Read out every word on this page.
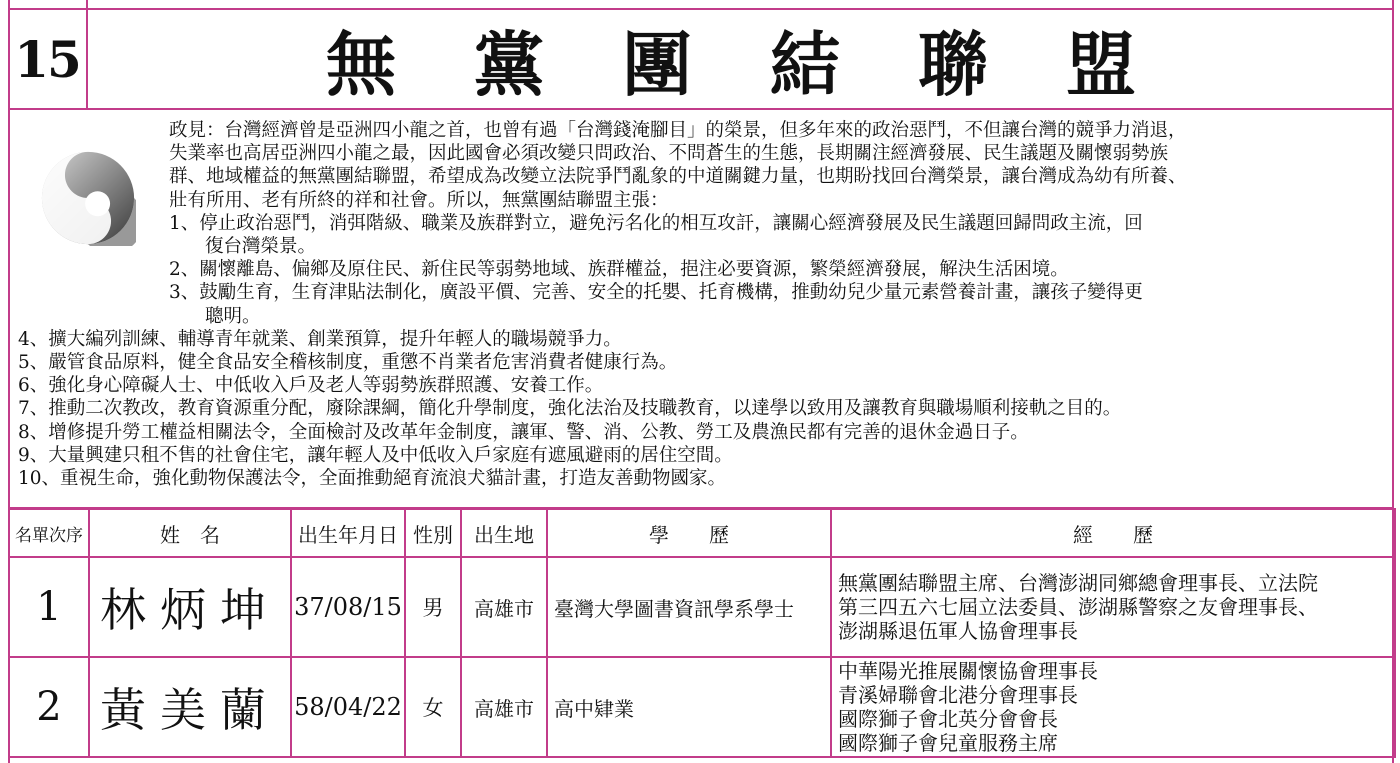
15	無黨團結聯盟

政見：台灣經濟曾是亞洲四小龍之首，也曾有過「台灣錢淹腳目」的榮景，但多年來的政治惡鬥，不但讓台灣的競爭力消退，

失業率也高居亞洲四小龍之最，因此國會必須改變只問政治、不問蒼生的生態，長期關注經濟發展、民生議題及關懷弱勢族

群、地域權益的無黨團結聯盟，希望成為改變立法院爭鬥亂象的中道關鍵力量，也期盼找回台灣榮景，讓台灣成為幼有所養、

壯有所用、老有所終的祥和社會。所以，無黨團結聯盟主張：

1、停止政治惡鬥，消弭階級、職業及族群對立，避免污名化的相互攻訐，讓關心經濟發展及民生議題回歸問政主流，回

復台灣榮景。

2、關懷離島、偏鄉及原住民、新住民等弱勢地域、族群權益，挹注必要資源，繁榮經濟發展，解決生活困境。

3、鼓勵生育，生育津貼法制化，廣設平價、完善、安全的托嬰、托育機構，推動幼兒少量元素營養計畫，讓孩子變得更

聰明。

4、擴大編列訓練、輔導青年就業、創業預算，提升年輕人的職場競爭力。

5、嚴管食品原料，健全食品安全稽核制度，重懲不肖業者危害消費者健康行為。

6、強化身心障礙人士、中低收入戶及老人等弱勢族群照護、安養工作。

7、推動二次教改，教育資源重分配，廢除課綱，簡化升學制度，強化法治及技職教育，以達學以致用及讓教育與職場順利接軌之目的。

8、增修提升勞工權益相關法令，全面檢討及改革年金制度，讓軍、警、消、公教、勞工及農漁民都有完善的退休金過日子。

9、大量興建只租不售的社會住宅，讓年輕人及中低收入戶家庭有遮風避雨的居住空間。

10、重視生命，強化動物保護法令，全面推動絕育流浪犬貓計畫，打造友善動物國家。

名單次序	姓　名	出生年月日	性別	出生地	學　　歷	經　　歷
1	林炳坤	37/08/15	男	高雄市	臺灣大學圖書資訊學系學士	無黨團結聯盟主席、台灣澎湖同鄉總會理事長、立法院
第三四五六七屆立法委員、澎湖縣警察之友會理事長、
澎湖縣退伍軍人協會理事長

2	黃美蘭	58/04/22	女	高雄市	高中肄業	中華陽光推展關懷協會理事長
青溪婦聯會北港分會理事長
國際獅子會北英分會會長
國際獅子會兒童服務主席
